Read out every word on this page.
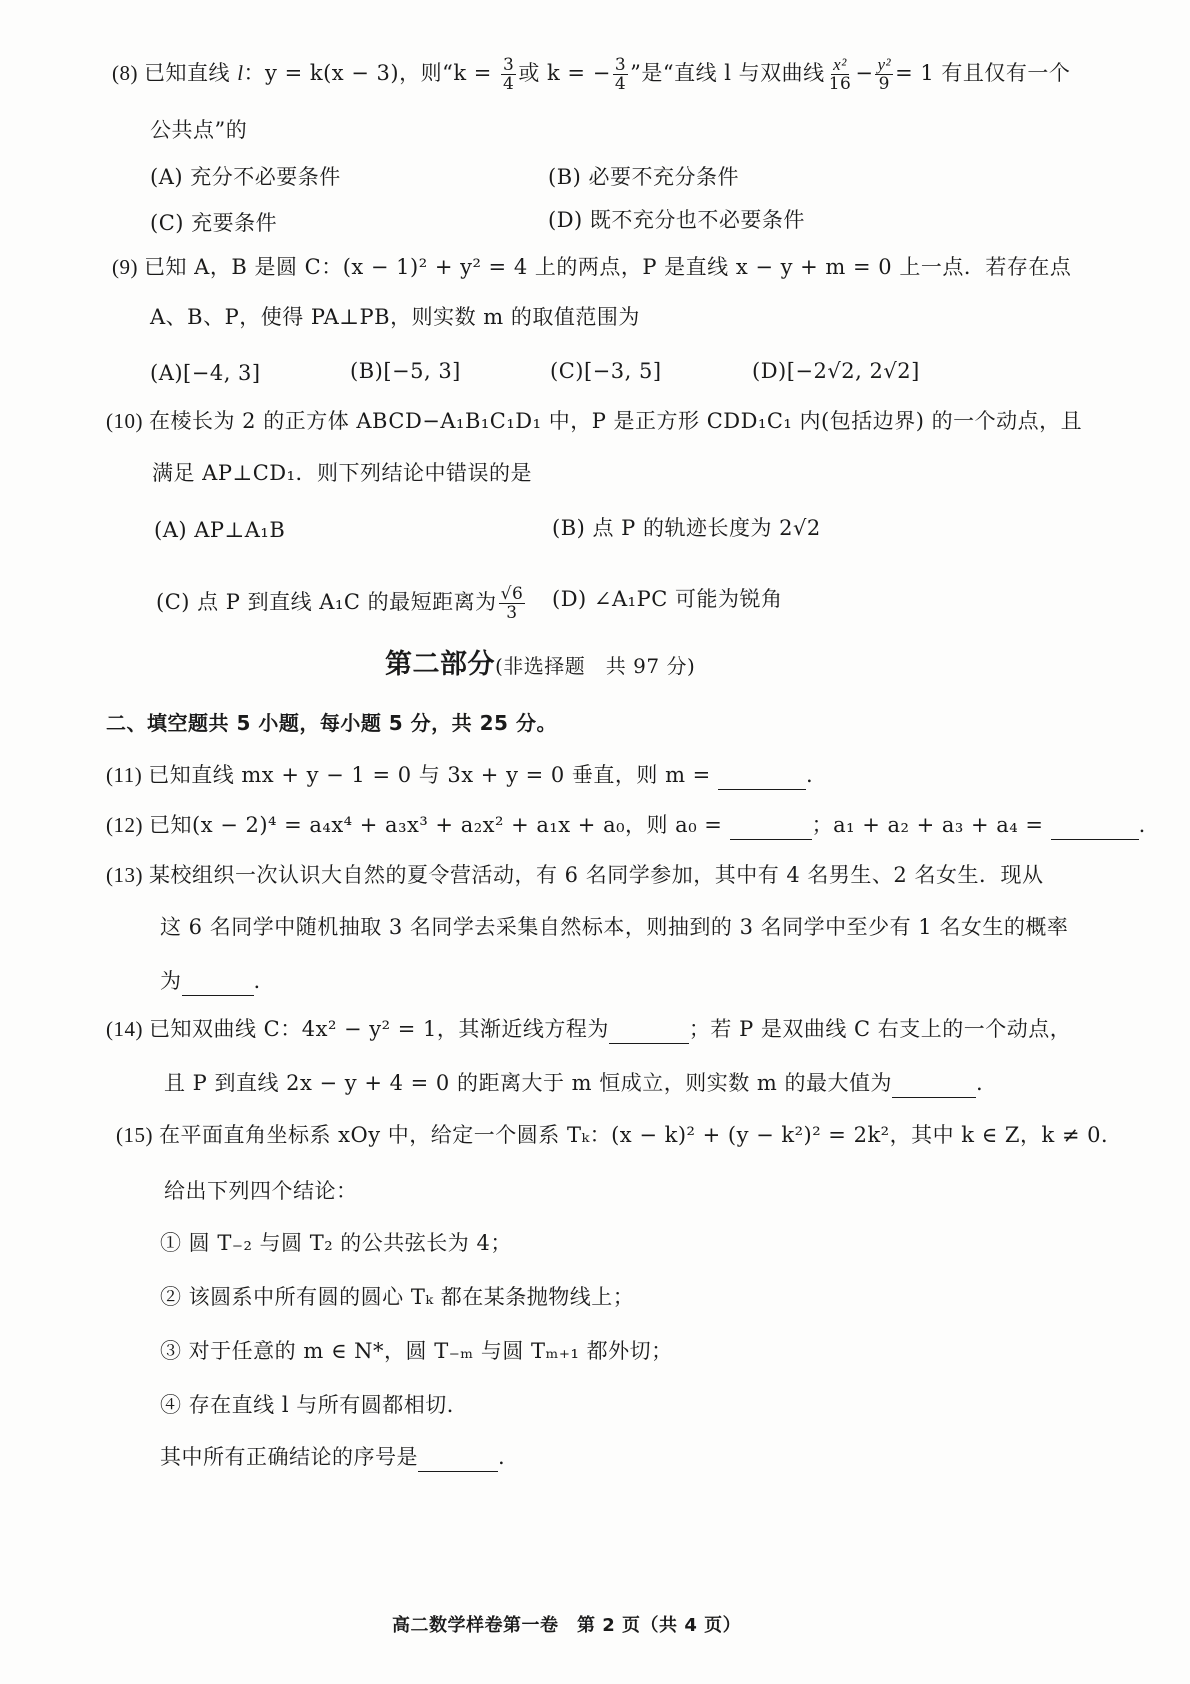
(8) 已知直线 l：y = k(x − 3)，则“$k = \frac{3}{4}$ 或 k = − $\frac{3}{4}$ ”是“直线 l 与双曲线 $\frac{\text{x²}}{16} - \frac{\text{y²}}{9} = 1$ 有且仅有一个
公共点”的
(A) 充分不必要条件	(B) 必要不充分条件
(C) 充要条件	(D) 既不充分也不必要条件
(9) 已知 A，B 是圆 C：(x − 1)² + y² = 4 上的两点，P 是直线 x − y + m = 0 上一点．若存在点
A、B、P，使得 PA⊥PB，则实数 m 的取值范围为
(A)[−4, 3]	(B)[−5, 3]	(C)[−3, 5]	(D)[−2√2, 2√2]
(10) 在棱长为 2 的正方体 ABCD−A₁B₁C₁D₁ 中，P 是正方形 CDD₁C₁ 内(包括边界) 的一个动点，且
满足 AP⊥CD₁．则下列结论中错误的是
(A) AP⊥A₁B	(B) 点 P 的轨迹长度为 2√2
(C) 点 P 到直线 A₁C 的最短距离为 $\frac{√6}{3} (D)$ ∠A₁PC 可能为锐角
第二部分(非选择题　共 97 分)
二、填空题共 5 小题，每小题 5 分，共 25 分。
(11) 已知直线 mx + y − 1 = 0 与 3x + y = 0 垂直，则 m =	.
(12) 已知(x − 2)⁴ = a₄x⁴ + a₃x³ + a₂x² + a₁x + a₀，则 a₀ =	；a₁ + a₂ + a₃ + a₄ =	.
(13) 某校组织一次认识大自然的夏令营活动，有 6 名同学参加，其中有 4 名男生、2 名女生．现从
这 6 名同学中随机抽取 3 名同学去采集自然标本，则抽到的 3 名同学中至少有 1 名女生的概率
为	.
(14) 已知双曲线 C：4x² − y² = 1，其渐近线方程为	；若 P 是双曲线 C 右支上的一个动点，
且 P 到直线 2x − y + 4 = 0 的距离大于 m 恒成立，则实数 m 的最大值为	.
(15) 在平面直角坐标系 xOy 中，给定一个圆系 Tₖ：(x − k)² + (y − k²)² = 2k²，其中 k ∈ Z，k ≠ 0．
给出下列四个结论：
① 圆 T₋₂ 与圆 T₂ 的公共弦长为 4；
② 该圆系中所有圆的圆心 Tₖ 都在某条抛物线上；
③ 对于任意的 m ∈ N*，圆 T₋ₘ 与圆 Tₘ₊₁ 都外切；
④ 存在直线 l 与所有圆都相切．
其中所有正确结论的序号是	.
高二数学样卷第一卷　第 2 页（共 4 页）
